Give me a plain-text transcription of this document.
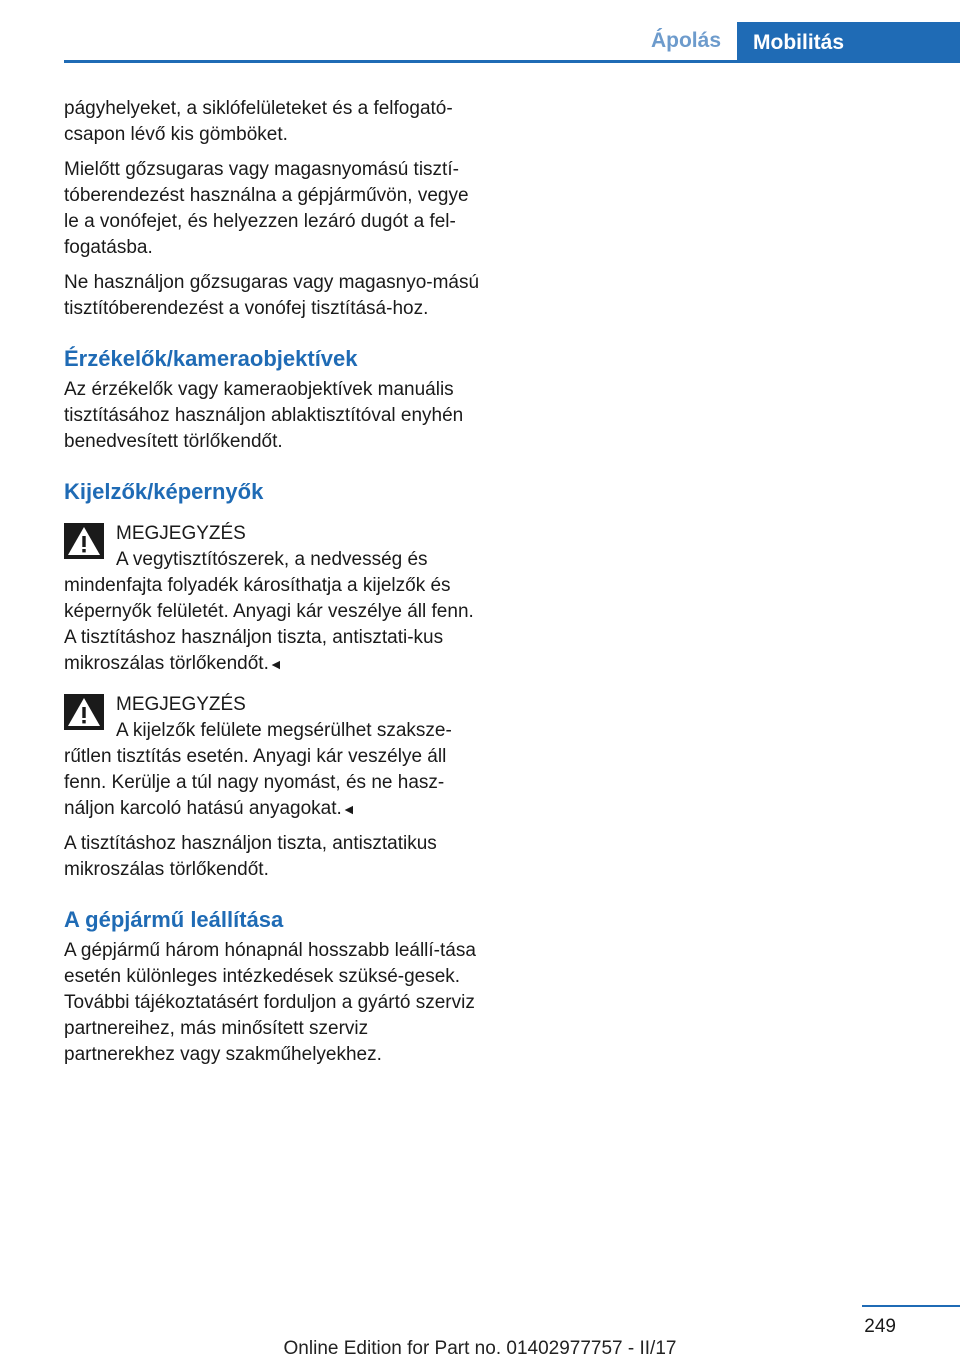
Ápolás	Mobilitás

págyhelyeket, a siklófelületeket és a felfogató-csapon lévő kis gömböket.

Mielőtt gőzsugaras vagy magasnyomású tisztí-tóberendezést használna a gépjárművön, vegye le a vonófejet, és helyezzen lezáró dugót a fel-fogatásba.

Ne használjon gőzsugaras vagy magasnyo-mású tisztítóberendezést a vonófej tisztításá-hoz.

Érzékelők/kameraobjektívek

Az érzékelők vagy kameraobjektívek manuális tisztításához használjon ablaktisztítóval enyhén benedvesített törlőkendőt.

Kijelzők/képernyők
MEGJEGYZÉS
A vegytisztítószerek, a nedvesség és mindenfajta folyadék károsíthatja a kijelzők és képernyők felületét. Anyagi kár veszélye áll fenn. A tisztításhoz használjon tiszta, antisztati-kus mikroszálas törlőkendőt.◄
MEGJEGYZÉS
A kijelzők felülete megsérülhet szaksze-rűtlen tisztítás esetén. Anyagi kár veszélye áll fenn. Kerülje a túl nagy nyomást, és ne hasz-náljon karcoló hatású anyagokat.◄

A tisztításhoz használjon tiszta, antisztatikus mikroszálas törlőkendőt.

A gépjármű leállítása

A gépjármű három hónapnál hosszabb leállí-tása esetén különleges intézkedések szüksé-gesek. További tájékoztatásért forduljon a gyártó szerviz partnereihez, más minősített szerviz partnerekhez vagy szakműhelyekhez.

249
Online Edition for Part no. 01402977757 - II/17
